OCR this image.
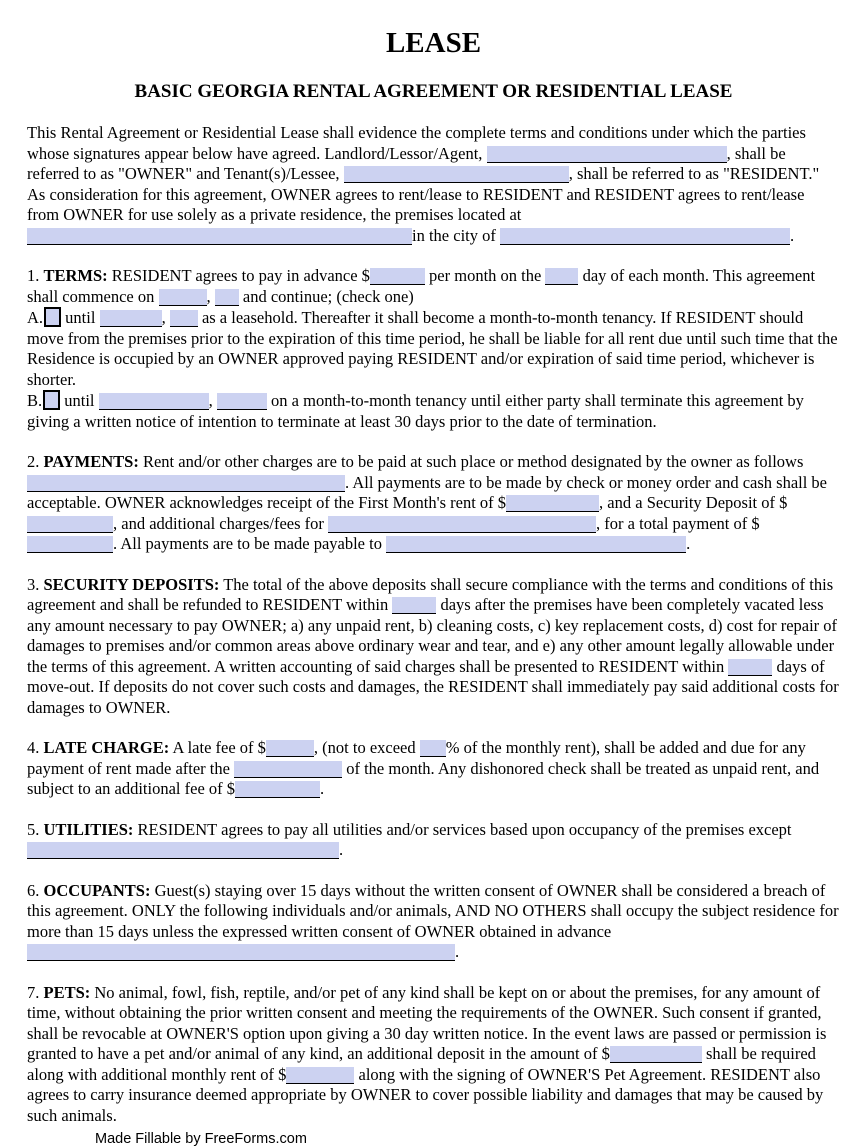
LEASE
BASIC GEORGIA RENTAL AGREEMENT OR RESIDENTIAL LEASE

This Rental Agreement or Residential Lease shall evidence the complete terms and conditions under which the parties whose signatures appear below have agreed. Landlord/Lessor/Agent,	, shall be referred to as "OWNER" and Tenant(s)/Lessee,	, shall be referred to as "RESIDENT." As consideration for this agreement, OWNER agrees to rent/lease to RESIDENT and RESIDENT agrees to rent/lease from OWNER for use solely as a private residence, the premises located at in the city of	.

1. TERMS: RESIDENT agrees to pay in advance $	per month on the  day of each month. This agreement shall commence on	,  and continue; (check one)
A. until	,  as a leasehold. Thereafter it shall become a month-to-month tenancy. If RESIDENT should move from the premises prior to the expiration of this time period, he shall be liable for all rent due until such time that the Residence is occupied by an OWNER approved paying RESIDENT and/or expiration of said time period, whichever is shorter.
B. until	,	on a month-to-month tenancy until either party shall terminate this agreement by giving a written notice of intention to terminate at least 30 days prior to the date of termination.

2. PAYMENTS: Rent and/or other charges are to be paid at such place or method designated by the owner as follows . All payments are to be made by check or money order and cash shall be acceptable. OWNER acknowledges receipt of the First Month's rent of $	, and a Security Deposit of $, and additional charges/fees for	, for a total payment of $. All payments are to be made payable to	.

3. SECURITY DEPOSITS: The total of the above deposits shall secure compliance with the terms and conditions of this agreement and shall be refunded to RESIDENT within	days after the premises have been completely vacated less any amount necessary to pay OWNER; a) any unpaid rent, b) cleaning costs, c) key replacement costs, d) cost for repair of damages to premises and/or common areas above ordinary wear and tear, and e) any other amount legally allowable under the terms of this agreement. A written accounting of said charges shall be presented to RESIDENT within	days of move-out. If deposits do not cover such costs and damages, the RESIDENT shall immediately pay said additional costs for damages to OWNER.

4. LATE CHARGE: A late fee of $	, (not to exceed % of the monthly rent), shall be added and due for any payment of rent made after the	of the month. Any dishonored check shall be treated as unpaid rent, and subject to an additional fee of $	.

5. UTILITIES: RESIDENT agrees to pay all utilities and/or services based upon occupancy of the premises except .

6. OCCUPANTS: Guest(s) staying over 15 days without the written consent of OWNER shall be considered a breach of this agreement. ONLY the following individuals and/or animals, AND NO OTHERS shall occupy the subject residence for more than 15 days unless the expressed written consent of OWNER obtained in advance .

7. PETS: No animal, fowl, fish, reptile, and/or pet of any kind shall be kept on or about the premises, for any amount of time, without obtaining the prior written consent and meeting the requirements of the OWNER. Such consent if granted, shall be revocable at OWNER'S option upon giving a 30 day written notice. In the event laws are passed or permission is granted to have a pet and/or animal of any kind, an additional deposit in the amount of $	shall be required along with additional monthly rent of $	along with the signing of OWNER'S Pet Agreement. RESIDENT also agrees to carry insurance deemed appropriate by OWNER to cover possible liability and damages that may be caused by such animals.

Made Fillable by FreeForms.com
